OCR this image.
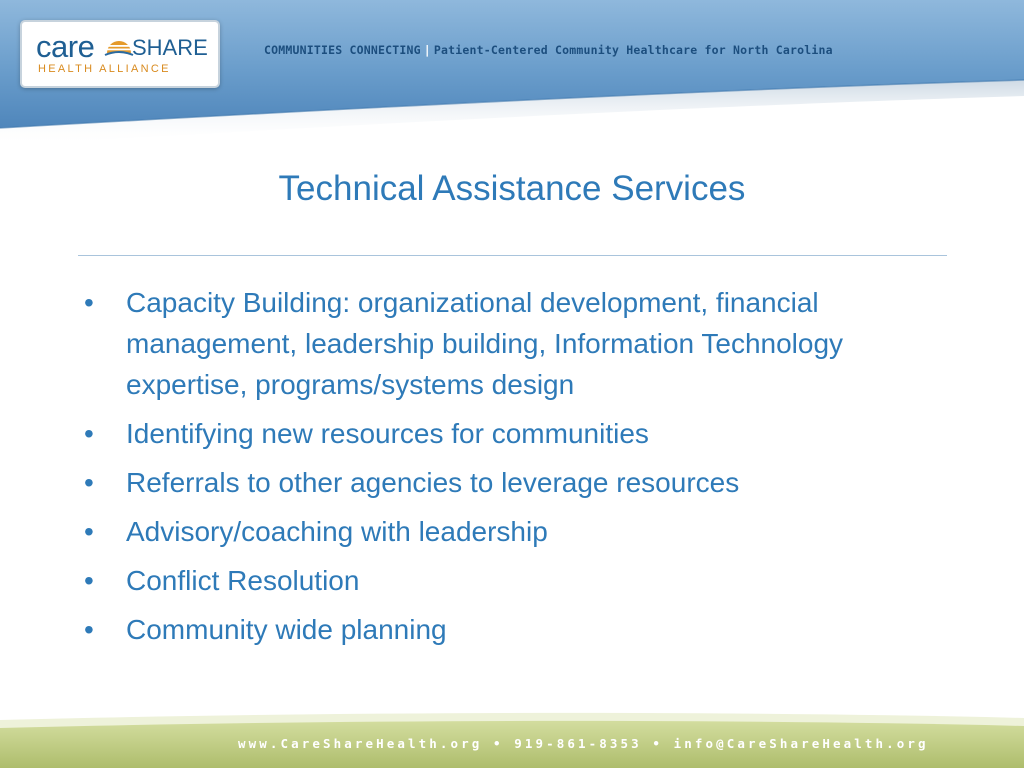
care SHARE
HEALTH ALLIANCE
COMMUNITIES CONNECTING | Patient-Centered Community Healthcare for North Carolina
Technical Assistance Services
• Capacity Building: organizational development, financial management, leadership building, Information Technology expertise, programs/systems design
• Identifying new resources for communities
• Referrals to other agencies to leverage resources
• Advisory/coaching with leadership
• Conflict Resolution
• Community wide planning
www.CareShareHealth.org • 919-861-8353 • info@CareShareHealth.org
